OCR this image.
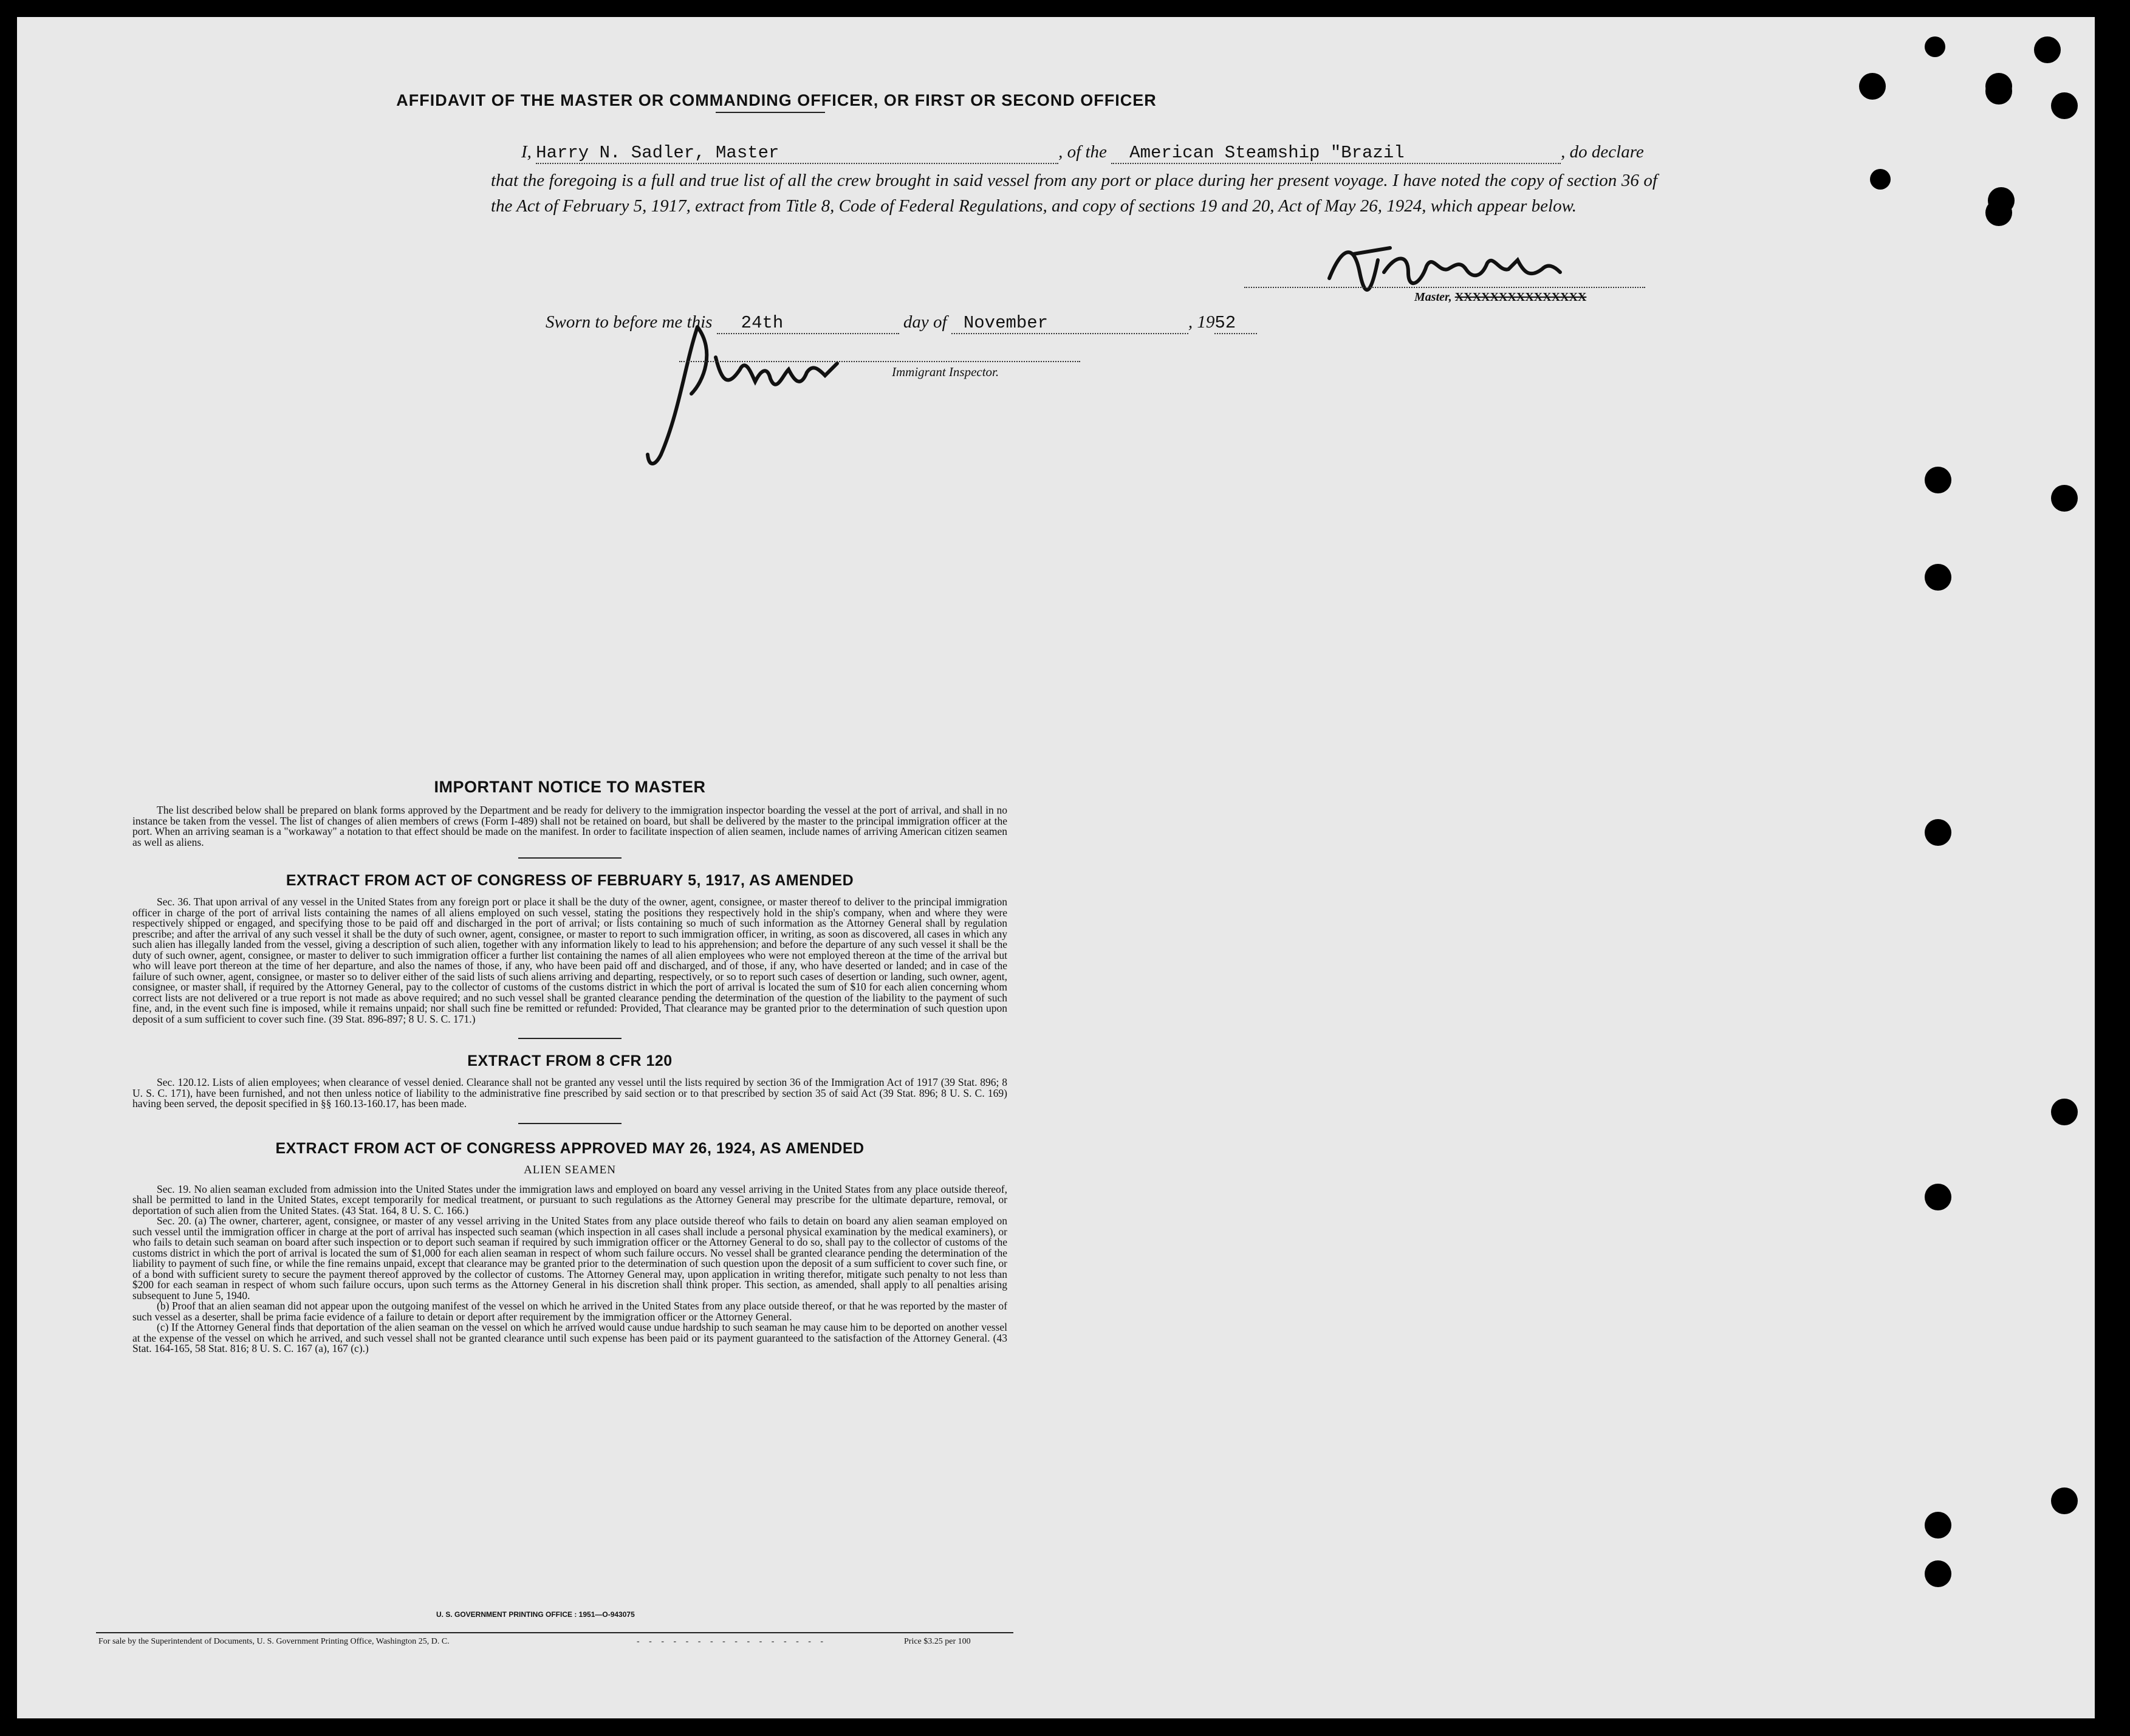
AFFIDAVIT OF THE MASTER OR COMMANDING OFFICER, OR FIRST OR SECOND OFFICER
I, Harry N. Sadler, Master	, of the American Steamship "Brazil	, do declare
that the foregoing is a full and true list of all the crew brought in said vessel from any port or place during her present voyage. I have noted the copy of section 36 of the Act of February 5, 1917, extract from Title 8, Code of Federal Regulations, and copy of sections 19 and 20, Act of May 26, 1924, which appear below.
Master, XXXXXXXXXXXXXXX
Sworn to before me this 24th	day of November	, 1952
Immigrant Inspector.
IMPORTANT NOTICE TO MASTER

The list described below shall be prepared on blank forms approved by the Department and be ready for delivery to the immigration inspector boarding the vessel at the port of arrival, and shall in no instance be taken from the vessel. The list of changes of alien members of crews (Form I-489) shall not be retained on board, but shall be delivered by the master to the principal immigration officer at the port. When an arriving seaman is a "workaway" a notation to that effect should be made on the manifest. In order to facilitate inspection of alien seamen, include names of arriving American citizen seamen as well as aliens.

EXTRACT FROM ACT OF CONGRESS OF FEBRUARY 5, 1917, AS AMENDED

Sec. 36. That upon arrival of any vessel in the United States from any foreign port or place it shall be the duty of the owner, agent, consignee, or master thereof to deliver to the principal immigration officer in charge of the port of arrival lists containing the names of all aliens employed on such vessel, stating the positions they respectively hold in the ship's company, when and where they were respectively shipped or engaged, and specifying those to be paid off and discharged in the port of arrival; or lists containing so much of such information as the Attorney General shall by regulation prescribe; and after the arrival of any such vessel it shall be the duty of such owner, agent, consignee, or master to report to such immigration officer, in writing, as soon as discovered, all cases in which any such alien has illegally landed from the vessel, giving a description of such alien, together with any information likely to lead to his apprehension; and before the departure of any such vessel it shall be the duty of such owner, agent, consignee, or master to deliver to such immigration officer a further list containing the names of all alien employees who were not employed thereon at the time of the arrival but who will leave port thereon at the time of her departure, and also the names of those, if any, who have been paid off and discharged, and of those, if any, who have deserted or landed; and in case of the failure of such owner, agent, consignee, or master so to deliver either of the said lists of such aliens arriving and departing, respectively, or so to report such cases of desertion or landing, such owner, agent, consignee, or master shall, if required by the Attorney General, pay to the collector of customs of the customs district in which the port of arrival is located the sum of $10 for each alien concerning whom correct lists are not delivered or a true report is not made as above required; and no such vessel shall be granted clearance pending the determination of the question of the liability to the payment of such fine, and, in the event such fine is imposed, while it remains unpaid; nor shall such fine be remitted or refunded: Provided, That clearance may be granted prior to the determination of such question upon deposit of a sum sufficient to cover such fine. (39 Stat. 896-897; 8 U. S. C. 171.)

EXTRACT FROM 8 CFR 120

Sec. 120.12. Lists of alien employees; when clearance of vessel denied. Clearance shall not be granted any vessel until the lists required by section 36 of the Immigration Act of 1917 (39 Stat. 896; 8 U. S. C. 171), have been furnished, and not then unless notice of liability to the administrative fine prescribed by said section or to that prescribed by section 35 of said Act (39 Stat. 896; 8 U. S. C. 169) having been served, the deposit specified in §§ 160.13-160.17, has been made.

EXTRACT FROM ACT OF CONGRESS APPROVED MAY 26, 1924, AS AMENDED
ALIEN SEAMEN

Sec. 19. No alien seaman excluded from admission into the United States under the immigration laws and employed on board any vessel arriving in the United States from any place outside thereof, shall be permitted to land in the United States, except temporarily for medical treatment, or pursuant to such regulations as the Attorney General may prescribe for the ultimate departure, removal, or deportation of such alien from the United States. (43 Stat. 164, 8 U. S. C. 166.)

Sec. 20. (a) The owner, charterer, agent, consignee, or master of any vessel arriving in the United States from any place outside thereof who fails to detain on board any alien seaman employed on such vessel until the immigration officer in charge at the port of arrival has inspected such seaman (which inspection in all cases shall include a personal physical examination by the medical examiners), or who fails to detain such seaman on board after such inspection or to deport such seaman if required by such immigration officer or the Attorney General to do so, shall pay to the collector of customs of the customs district in which the port of arrival is located the sum of $1,000 for each alien seaman in respect of whom such failure occurs. No vessel shall be granted clearance pending the determination of the liability to payment of such fine, or while the fine remains unpaid, except that clearance may be granted prior to the determination of such question upon the deposit of a sum sufficient to cover such fine, or of a bond with sufficient surety to secure the payment thereof approved by the collector of customs. The Attorney General may, upon application in writing therefor, mitigate such penalty to not less than $200 for each seaman in respect of whom such failure occurs, upon such terms as the Attorney General in his discretion shall think proper. This section, as amended, shall apply to all penalties arising subsequent to June 5, 1940.

(b) Proof that an alien seaman did not appear upon the outgoing manifest of the vessel on which he arrived in the United States from any place outside thereof, or that he was reported by the master of such vessel as a deserter, shall be prima facie evidence of a failure to detain or deport after requirement by the immigration officer or the Attorney General.

(c) If the Attorney General finds that deportation of the alien seaman on the vessel on which he arrived would cause undue hardship to such seaman he may cause him to be deported on another vessel at the expense of the vessel on which he arrived, and such vessel shall not be granted clearance until such expense has been paid or its payment guaranteed to the satisfaction of the Attorney General. (43 Stat. 164-165, 58 Stat. 816; 8 U. S. C. 167 (a), 167 (c).)

U. S. GOVERNMENT PRINTING OFFICE : 1951—O-943075
For sale by the Superintendent of Documents, U. S. Government Printing Office, Washington 25, D. C.	- - - - - - - - - - - - - - - -	Price $3.25 per 100
